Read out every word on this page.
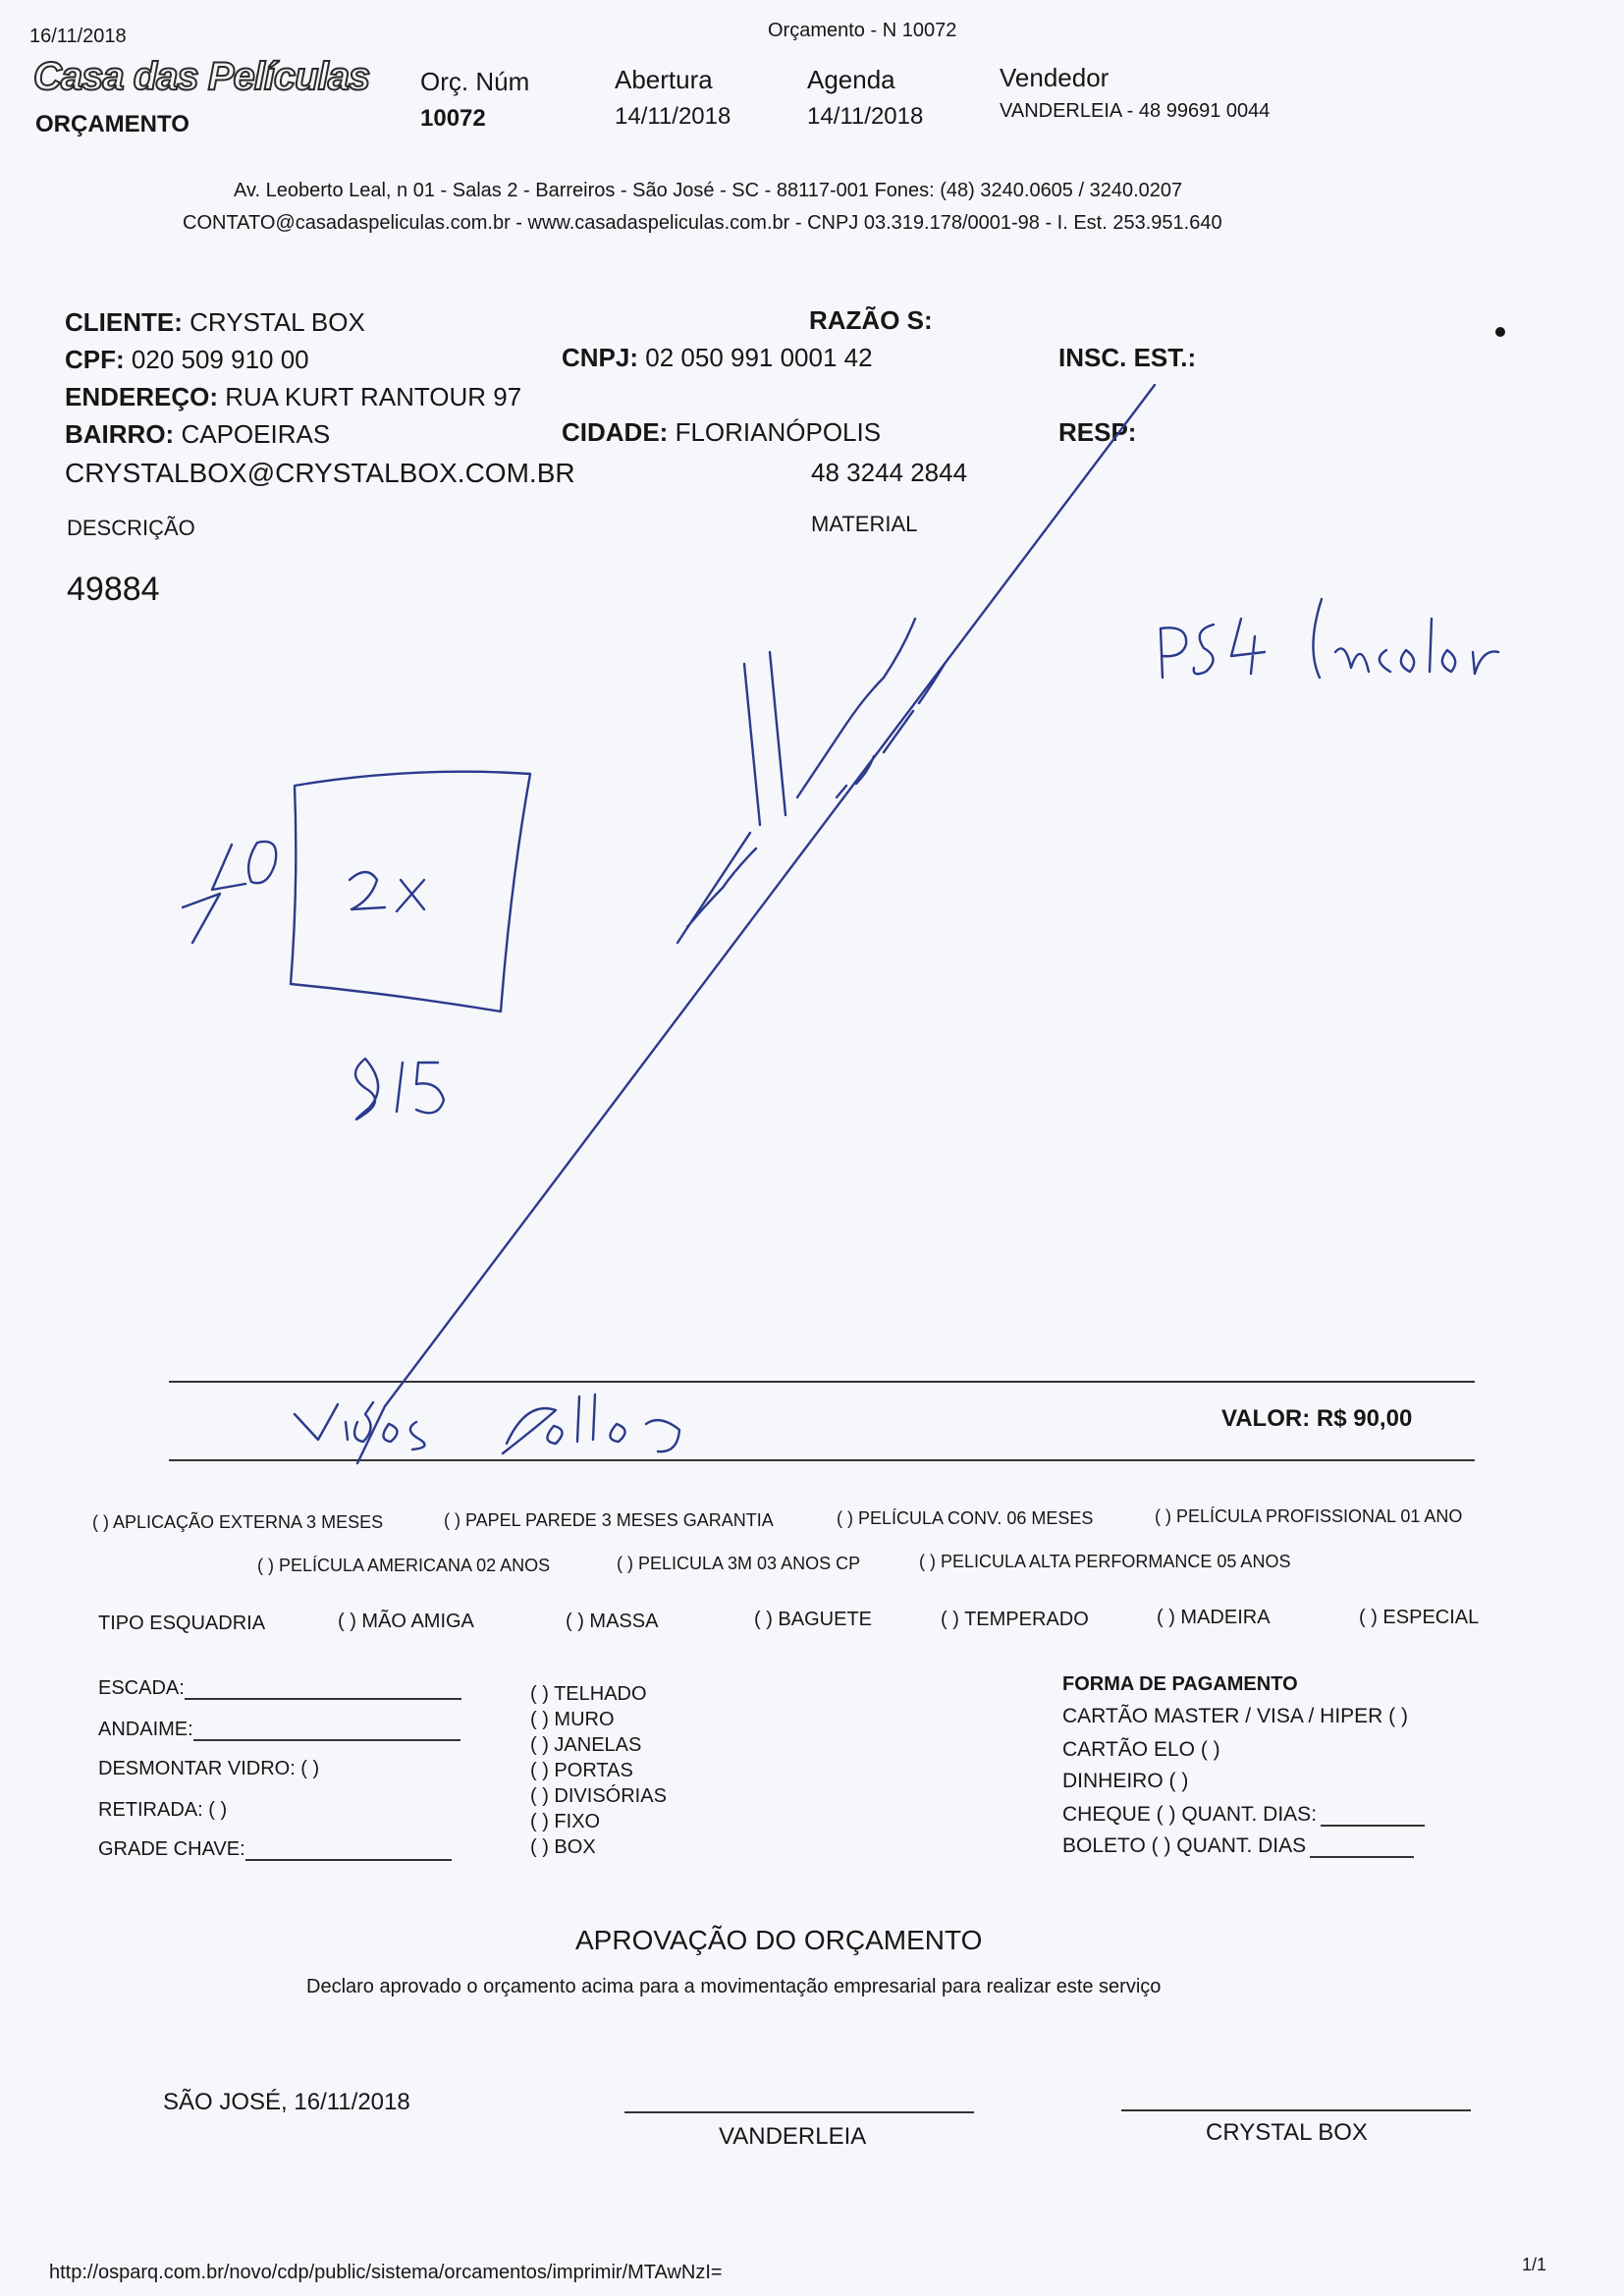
16/11/2018	Orçamento - N 10072
Casa das Películas
ORÇAMENTO
Orç. Núm
10072
Abertura
14/11/2018
Agenda
14/11/2018
Vendedor
VANDERLEIA - 48 99691 0044
Av. Leoberto Leal, n 01 - Salas 2 - Barreiros - São José - SC - 88117-001 Fones: (48) 3240.0605 / 3240.0207
CONTATO@casadaspeliculas.com.br - www.casadaspeliculas.com.br - CNPJ 03.319.178/0001-98 - I. Est. 253.951.640
CLIENTE: CRYSTAL BOX	RAZÃO S:
CPF: 020 509 910 00	CNPJ: 02 050 991 0001 42	INSC. EST.:
ENDEREÇO: RUA KURT RANTOUR 97
BAIRRO: CAPOEIRAS	CIDADE: FLORIANÓPOLIS	RESP:
CRYSTALBOX@CRYSTALBOX.COM.BR	48 3244 2844
DESCRIÇÃO	MATERIAL
49884
VALOR: R$ 90,00
( ) APLICAÇÃO EXTERNA 3 MESES	( ) PAPEL PAREDE 3 MESES GARANTIA	( ) PELÍCULA CONV. 06 MESES	( ) PELÍCULA PROFISSIONAL 01 ANO
( ) PELÍCULA AMERICANA 02 ANOS	( ) PELICULA 3M 03 ANOS CP	( ) PELICULA ALTA PERFORMANCE 05 ANOS
TIPO ESQUADRIA	( ) MÃO AMIGA	( ) MASSA	( ) BAGUETE	( ) TEMPERADO	( ) MADEIRA	( ) ESPECIAL
ESCADA:
ANDAIME:
DESMONTAR VIDRO: ( )
RETIRADA: ( )
GRADE CHAVE:
( ) TELHADO
( ) MURO
( ) JANELAS
( ) PORTAS
( ) DIVISÓRIAS
( ) FIXO
( ) BOX
FORMA DE PAGAMENTO
CARTÃO MASTER / VISA / HIPER ( )
CARTÃO ELO ( )
DINHEIRO ( )
CHEQUE ( ) QUANT. DIAS:
BOLETO ( ) QUANT. DIAS
APROVAÇÃO DO ORÇAMENTO
Declaro aprovado o orçamento acima para a movimentação empresarial para realizar este serviço
SÃO JOSÉ, 16/11/2018
VANDERLEIA	CRYSTAL BOX
http://osparq.com.br/novo/cdp/public/sistema/orcamentos/imprimir/MTAwNzI=	1/1
